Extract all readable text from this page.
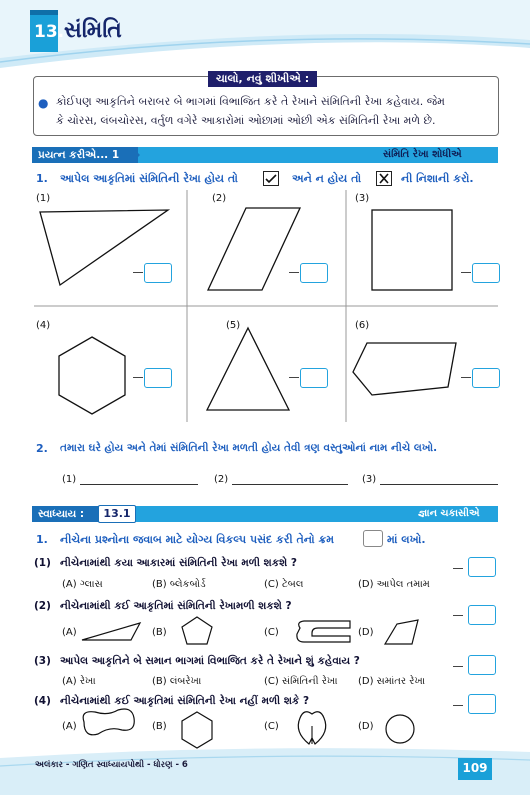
13. સંમિતિ
ચાલો, નવું શીખીએ :
● કોઈપણ આકૃતિને બરાબર બે ભાગમાં વિભાજિત કરે તે રેખાને સંમિતિની રેખા કહેવાય. જેમ
કે ચોરસ, લંબચોરસ, વર્તુળ વગેરે આકારોમાં ઓછામાં ઓછી એક સંમિતિની રેખા મળે છે.
પ્રયત્ન કરીએ... 1	સંમિતિ રેખા શોધીએ
1. આપેલ આકૃતિમાં સંમિતિની રેખા હોય તો	અને ન હોય તો	ની નિશાની કરો.
(1)	(2)	(3)
(4)	(5)	(6)
2. તમારા ઘરે હોય અને તેમાં સંમિતિની રેખા મળતી હોય તેવી ત્રણ વસ્તુઓનાં નામ નીચે લખો.
(1)	(2)	(3)
સ્વાધ્યાય :	13.1	જ્ઞાન ચકાસીએ
1. નીચેના પ્રશ્નોના જવાબ માટે યોગ્ય વિકલ્પ પસંદ કરી તેનો ક્રમ	માં લખો.
(1) નીચેનામાંથી કયા આકારમાં સંમિતિની રેખા મળી શકશે ?
(A) ગ્લાસ	(B) બ્લેકબોર્ડ	(C) ટેબલ	(D) આપેલ તમામ
(2) નીચેનામાંથી કઈ આકૃતિમાં સંમિતિની રેખામળી શકશે ?
(A)	(B)	(C)	(D)
(3) આપેલ આકૃતિને બે સમાન ભાગમાં વિભાજિત કરે તે રેખાને શું કહેવાય ?
(A) રેખા	(B) લંબરેખા	(C) સંમિતિની રેખા (D) સમાંતર રેખા
(4) નીચેનામાંથી કઈ આકૃતિમાં સંમિતિની રેખા નહીં મળી શકે ?
(A)	(B)	(C)	(D)
અલંકાર - ગણિત સ્વાધ્યાયપોથી - ધોરણ - 6	109
